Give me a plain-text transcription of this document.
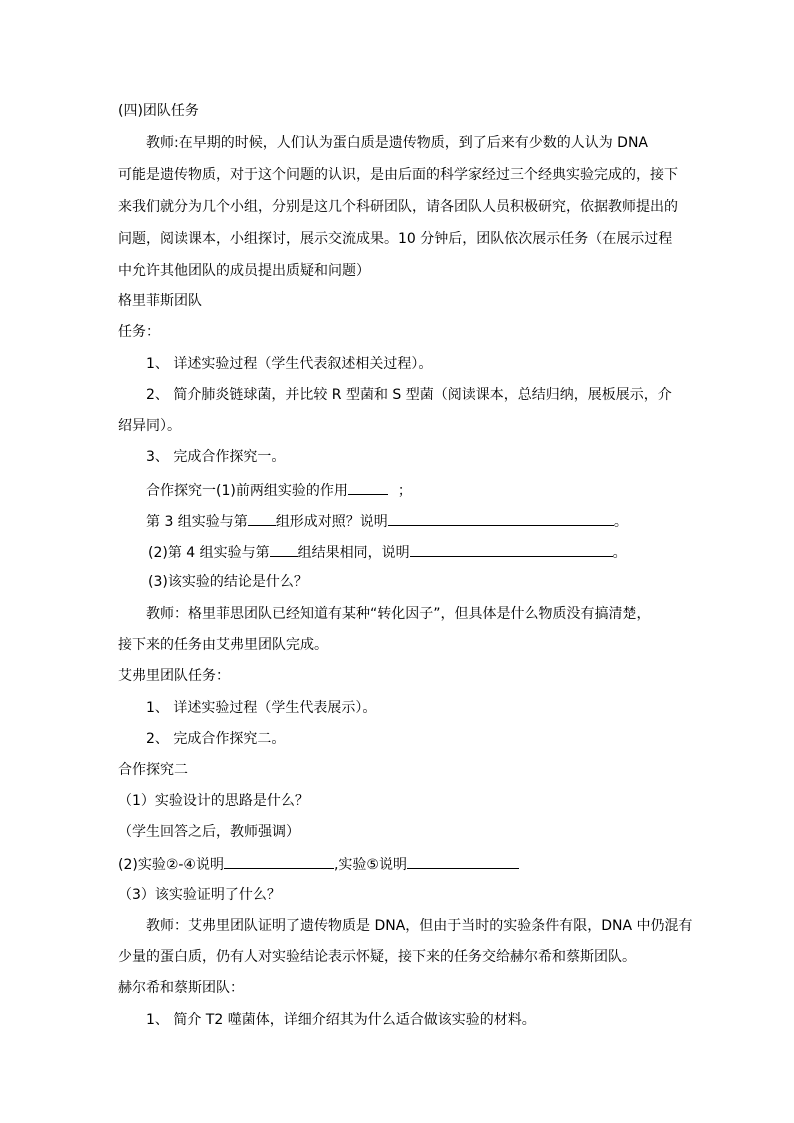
(四)团队任务
教师:在早期的时候，人们认为蛋白质是遗传物质，到了后来有少数的人认为 DNA
可能是遗传物质，对于这个问题的认识，是由后面的科学家经过三个经典实验完成的，接下
来我们就分为几个小组，分别是这几个科研团队，请各团队人员积极研究，依据教师提出的
问题，阅读课本，小组探讨，展示交流成果。10 分钟后，团队依次展示任务（在展示过程
中允许其他团队的成员提出质疑和问题）
格里菲斯团队
任务：
1、 详述实验过程（学生代表叙述相关过程）。
2、 简介肺炎链球菌，并比较 R 型菌和 S 型菌（阅读课本，总结归纳，展板展示，介
绍异同）。
3、 完成合作探究一。
合作探究一(1)前两组实验的作用	；
第 3 组实验与第 组形成对照？说明	。
(2)第 4 组实验与第 组结果相同，说明	。
(3)该实验的结论是什么？
教师：格里菲思团队已经知道有某种“转化因子”，但具体是什么物质没有搞清楚，
接下来的任务由艾弗里团队完成。
艾弗里团队任务：
1、 详述实验过程（学生代表展示）。
2、 完成合作探究二。
合作探究二
（1）实验设计的思路是什么？
（学生回答之后，教师强调）
(2)实验②-④说明	,实验⑤说明
（3）该实验证明了什么？
教师：艾弗里团队证明了遗传物质是 DNA，但由于当时的实验条件有限，DNA 中仍混有
少量的蛋白质，仍有人对实验结论表示怀疑，接下来的任务交给赫尔希和蔡斯团队。
赫尔希和蔡斯团队：
1、 简介 T2 噬菌体，详细介绍其为什么适合做该实验的材料。
